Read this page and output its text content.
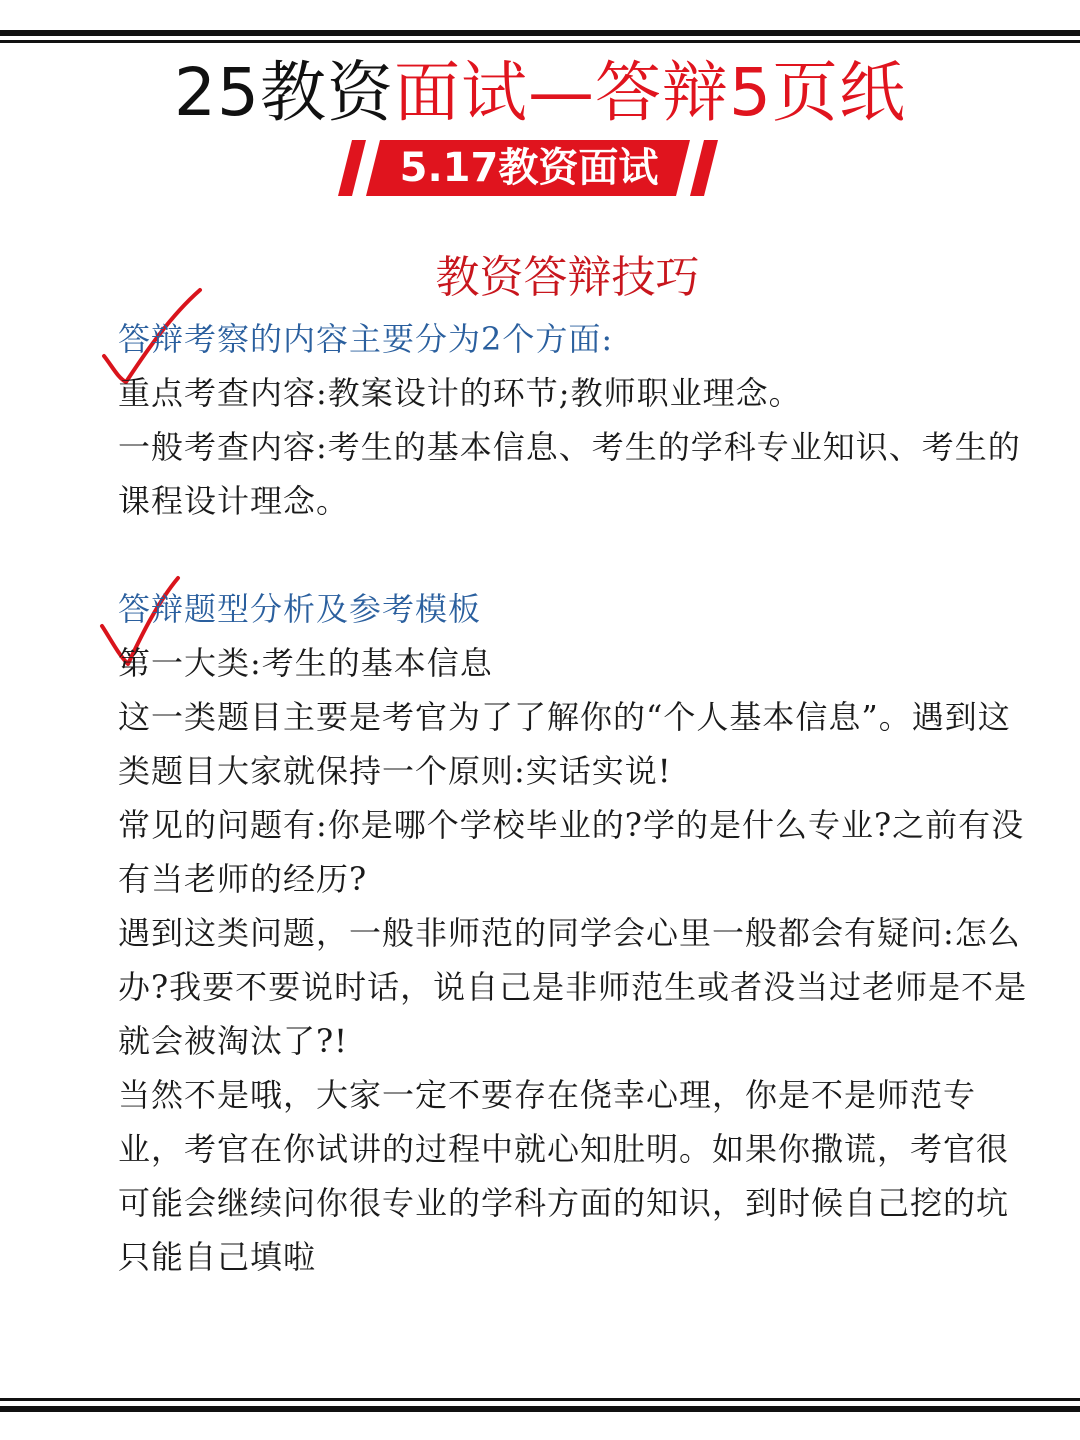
25教资面试—答辩5页纸
5.17教资面试
教资答辩技巧

答辩考察的内容主要分为2个方面:

重点考查内容:教案设计的环节;教师职业理念。

一般考查内容:考生的基本信息、考生的学科专业知识、考生的课程设计理念。

答辩题型分析及参考模板

第一大类:考生的基本信息

这一类题目主要是考官为了了解你的“个人基本信息”。遇到这类题目大家就保持一个原则:实话实说!

常见的问题有:你是哪个学校毕业的?学的是什么专业?之前有没有当老师的经历?

遇到这类问题，一般非师范的同学会心里一般都会有疑问:怎么办?我要不要说时话，说自己是非师范生或者没当过老师是不是就会被淘汰了?!

当然不是哦，大家一定不要存在侥幸心理，你是不是师范专业，考官在你试讲的过程中就心知肚明。如果你撒谎，考官很可能会继续问你很专业的学科方面的知识，到时候自己挖的坑只能自己填啦
